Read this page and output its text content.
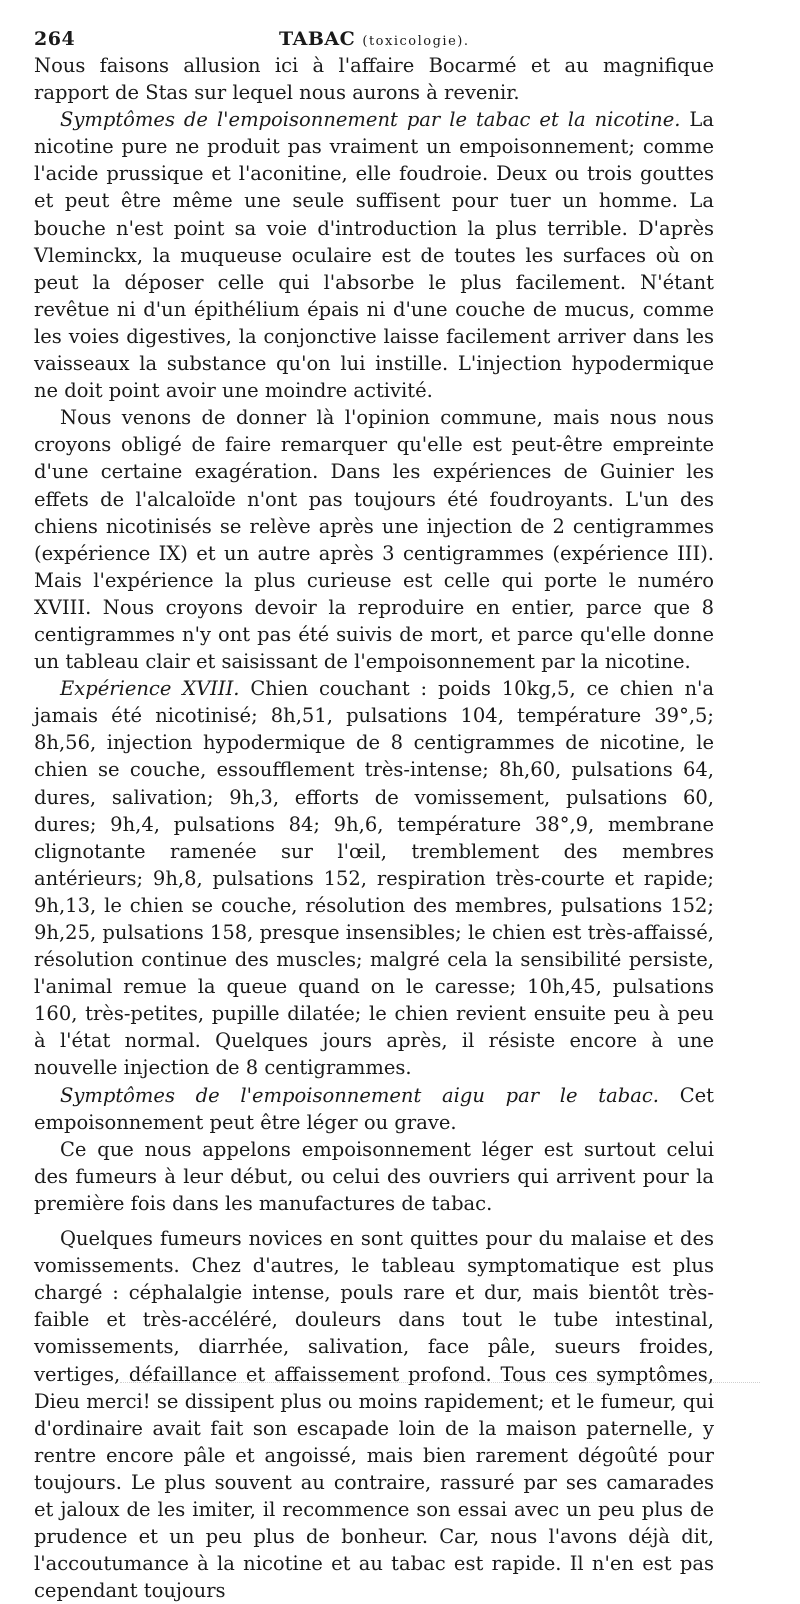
264	TABAC (toxicologie).

Nous faisons allusion ici à l'affaire Bocarmé et au magnifique rapport de Stas sur lequel nous aurons à revenir.

Symptômes de l'empoisonnement par le tabac et la nicotine. La nicotine pure ne produit pas vraiment un empoisonnement; comme l'acide prussique et l'aconitine, elle foudroie. Deux ou trois gouttes et peut être même une seule suffisent pour tuer un homme. La bouche n'est point sa voie d'introduction la plus terrible. D'après Vleminckx, la muqueuse oculaire est de toutes les surfaces où on peut la déposer celle qui l'absorbe le plus facilement. N'étant revêtue ni d'un épithélium épais ni d'une couche de mucus, comme les voies digestives, la conjonctive laisse facilement arriver dans les vaisseaux la substance qu'on lui instille. L'injection hypodermique ne doit point avoir une moindre activité.

Nous venons de donner là l'opinion commune, mais nous nous croyons obligé de faire remarquer qu'elle est peut-être empreinte d'une certaine exagération. Dans les expériences de Guinier les effets de l'alcaloïde n'ont pas toujours été foudroyants. L'un des chiens nicotinisés se relève après une injection de 2 centigrammes (expérience IX) et un autre après 3 centigrammes (expérience III). Mais l'expérience la plus curieuse est celle qui porte le numéro XVIII. Nous croyons devoir la reproduire en entier, parce que 8 centigrammes n'y ont pas été suivis de mort, et parce qu'elle donne un tableau clair et saisissant de l'empoisonnement par la nicotine.

Expérience XVIII. Chien couchant : poids 10kg,5, ce chien n'a jamais été nicotinisé; 8h,51, pulsations 104, température 39°,5; 8h,56, injection hypodermique de 8 centigrammes de nicotine, le chien se couche, essoufflement très-intense; 8h,60, pulsations 64, dures, salivation; 9h,3, efforts de vomissement, pulsations 60, dures; 9h,4, pulsations 84; 9h,6, température 38°,9, membrane clignotante ramenée sur l'œil, tremblement des membres antérieurs; 9h,8, pulsations 152, respiration très-courte et rapide; 9h,13, le chien se couche, résolution des membres, pulsations 152; 9h,25, pulsations 158, presque insensibles; le chien est très-affaissé, résolution continue des muscles; malgré cela la sensibilité persiste, l'animal remue la queue quand on le caresse; 10h,45, pulsations 160, très-petites, pupille dilatée; le chien revient ensuite peu à peu à l'état normal. Quelques jours après, il résiste encore à une nouvelle injection de 8 centigrammes.

Symptômes de l'empoisonnement aigu par le tabac. Cet empoisonnement peut être léger ou grave.

Ce que nous appelons empoisonnement léger est surtout celui des fumeurs à leur début, ou celui des ouvriers qui arrivent pour la première fois dans les manufactures de tabac.

Quelques fumeurs novices en sont quittes pour du malaise et des vomissements. Chez d'autres, le tableau symptomatique est plus chargé : céphalalgie intense, pouls rare et dur, mais bientôt très-faible et très-accéléré, douleurs dans tout le tube intestinal, vomissements, diarrhée, salivation, face pâle, sueurs froides, vertiges, défaillance et affaissement profond. Tous ces symptômes, Dieu merci! se dissipent plus ou moins rapidement; et le fumeur, qui d'ordinaire avait fait son escapade loin de la maison paternelle, y rentre encore pâle et angoissé, mais bien rarement dégoûté pour toujours. Le plus souvent au contraire, rassuré par ses camarades et jaloux de les imiter, il recommence son essai avec un peu plus de prudence et un peu plus de bonheur. Car, nous l'avons déjà dit, l'accoutumance à la nicotine et au tabac est rapide. Il n'en est pas cependant toujours
